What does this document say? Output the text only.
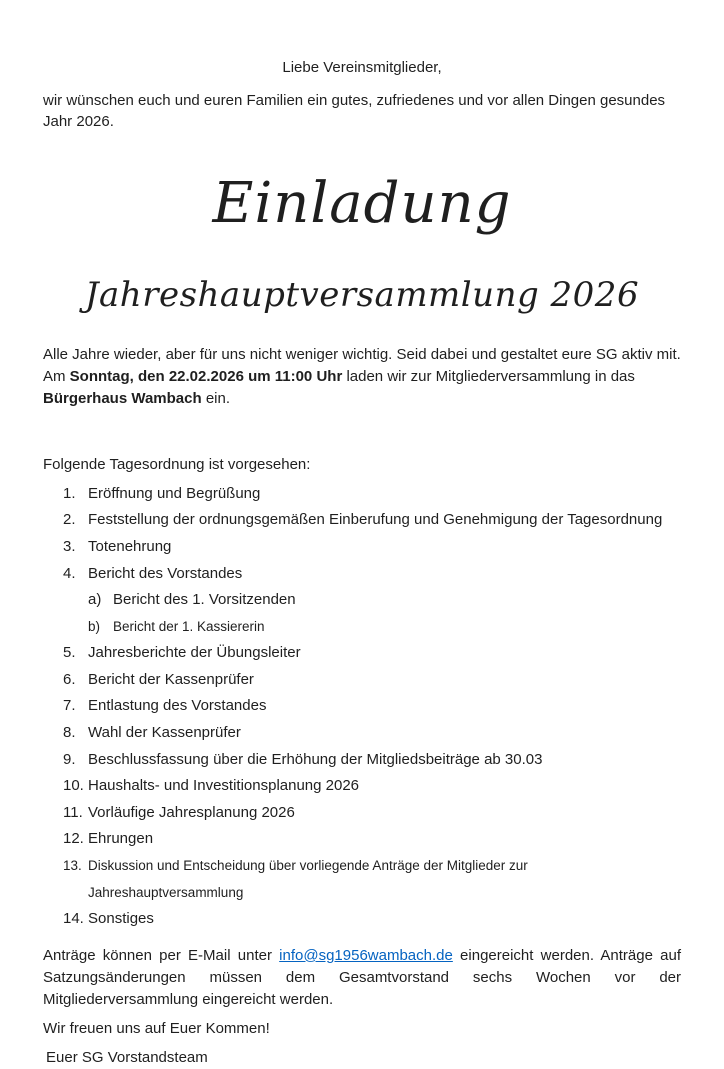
Liebe Vereinsmitglieder,

wir wünschen euch und euren Familien ein gutes, zufriedenes und vor allen Dingen gesundes Jahr 2026.

Einladung
Jahreshauptversammlung 2026

Alle Jahre wieder, aber für uns nicht weniger wichtig. Seid dabei und gestaltet eure SG aktiv mit. Am Sonntag, den 22.02.2026 um 11:00 Uhr laden wir zur Mitgliederversammlung in das Bürgerhaus Wambach ein.

Folgende Tagesordnung ist vorgesehen:

1. Eröffnung und Begrüßung
2. Feststellung der ordnungsgemäßen Einberufung und Genehmigung der Tagesordnung
3. Totenehrung
4. Bericht des Vorstandes
a) Bericht des 1. Vorsitzenden
b) Bericht der 1. Kassiererin
5. Jahresberichte der Übungsleiter
6. Bericht der Kassenprüfer
7. Entlastung des Vorstandes
8. Wahl der Kassenprüfer
9. Beschlussfassung über die Erhöhung der Mitgliedsbeiträge ab 30.03
10. Haushalts- und Investitionsplanung 2026
11. Vorläufige Jahresplanung 2026
12. Ehrungen
13. Diskussion und Entscheidung über vorliegende Anträge der Mitglieder zur Jahreshauptversammlung
14. Sonstiges

Anträge können per E-Mail unter info@sg1956wambach.de eingereicht werden. Anträge auf Satzungsänderungen müssen dem Gesamtvorstand sechs Wochen vor der Mitgliederversammlung eingereicht werden.

Wir freuen uns auf Euer Kommen!

Euer SG Vorstandsteam
